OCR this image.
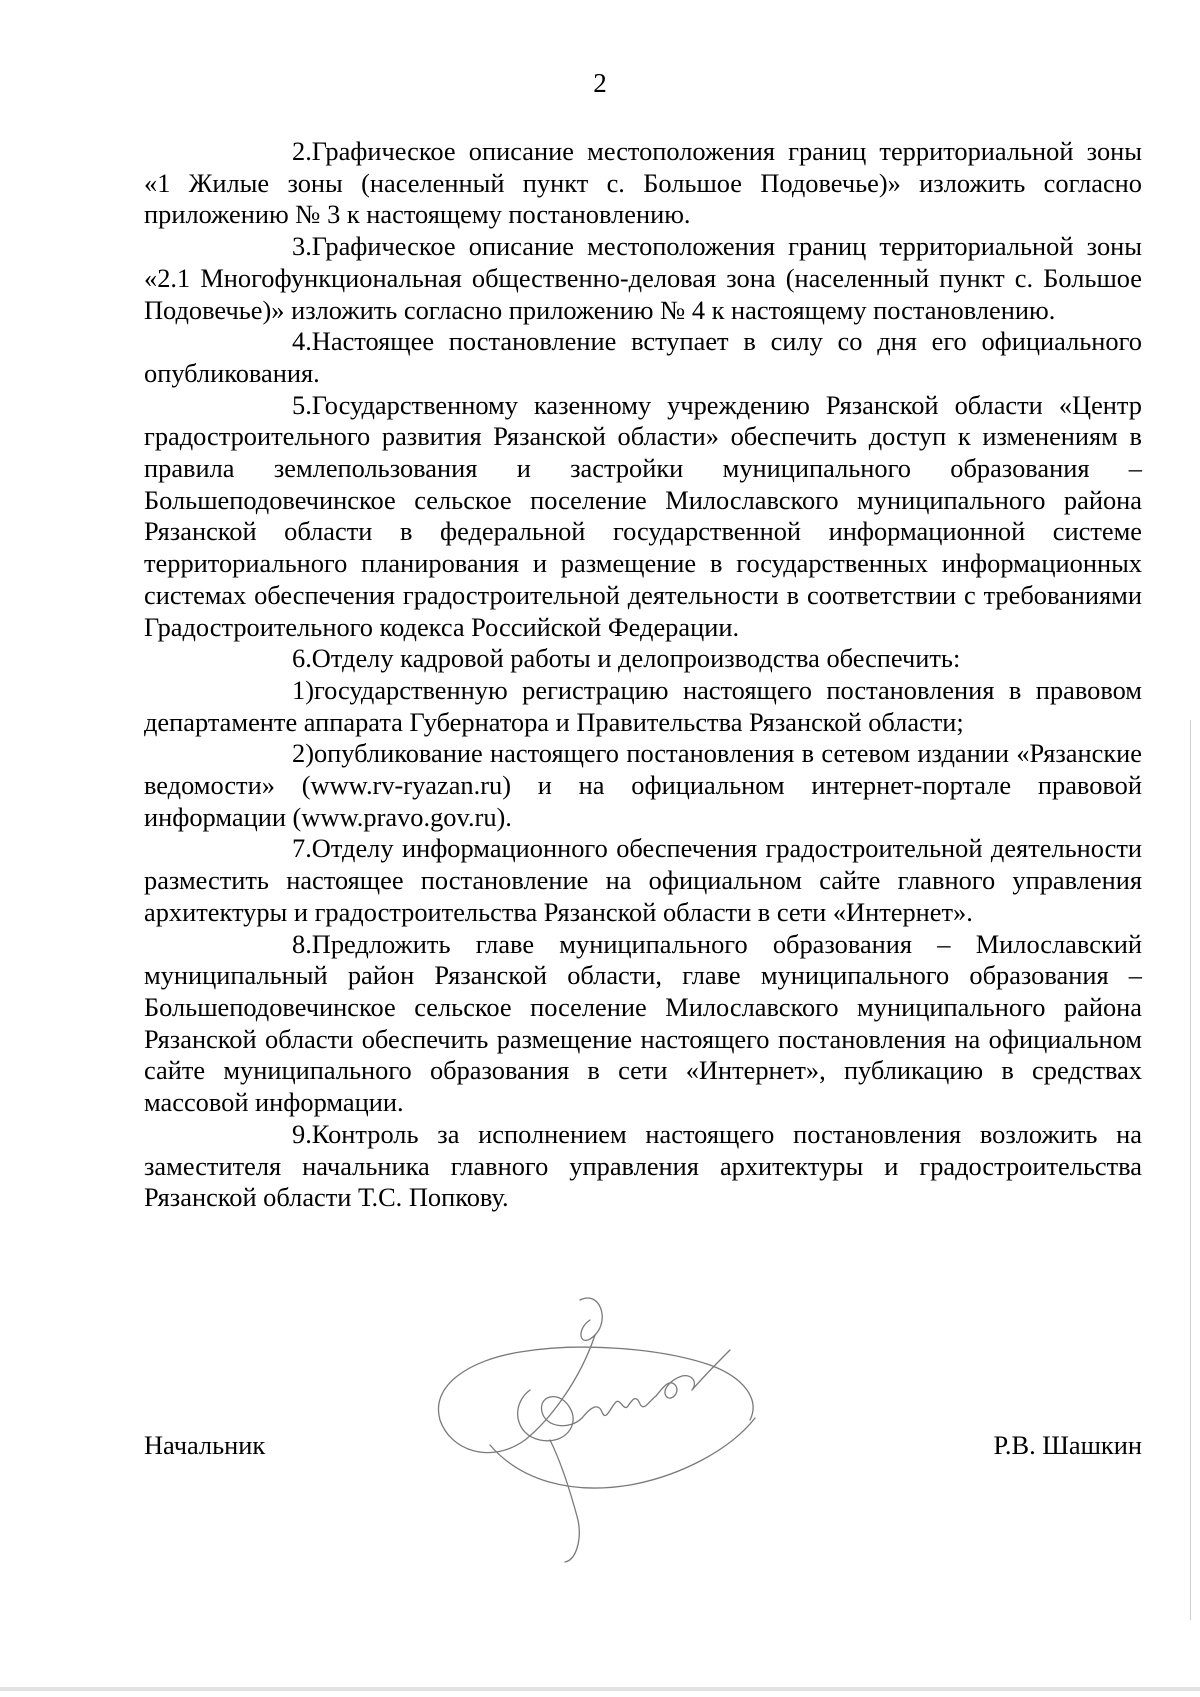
2

2.Графическое описание местоположения границ территориальной зоны «1 Жилые зоны (населенный пункт с. Большое Подовечье)» изложить согласно приложению № 3 к настоящему постановлению.

3.Графическое описание местоположения границ территориальной зоны «2.1 Многофункциональная общественно-деловая зона (населенный пункт с. Большое Подовечье)» изложить согласно приложению № 4 к настоящему постановлению.

4.Настоящее постановление вступает в силу со дня его официального опубликования.

5.Государственному казенному учреждению Рязанской области «Центр градостроительного развития Рязанской области» обеспечить доступ к изменениям в правила землепользования и застройки муниципального образования – Большеподовечинское сельское поселение Милославского муниципального района Рязанской области в федеральной государственной информационной системе территориального планирования и размещение в государственных информационных системах обеспечения градостроительной деятельности в соответствии с требованиями Градостроительного кодекса Российской Федерации.

6.Отделу кадровой работы и делопроизводства обеспечить:

1)государственную регистрацию настоящего постановления в правовом департаменте аппарата Губернатора и Правительства Рязанской области;

2)опубликование настоящего постановления в сетевом издании «Рязанские ведомости» (www.rv-ryazan.ru) и на официальном интернет-портале правовой информации (www.pravo.gov.ru).

7.Отделу информационного обеспечения градостроительной деятельности разместить настоящее постановление на официальном сайте главного управления архитектуры и градостроительства Рязанской области в сети «Интернет».

8.Предложить главе муниципального образования – Милославский муниципальный район Рязанской области, главе муниципального образования – Большеподовечинское сельское поселение Милославского муниципального района Рязанской области обеспечить размещение настоящего постановления на официальном сайте муниципального образования в сети «Интернет», публикацию в средствах массовой информации.

9.Контроль за исполнением настоящего постановления возложить на заместителя начальника главного управления архитектуры и градостроительства Рязанской области Т.С. Попкову.

Начальник	Р.В. Шашкин
